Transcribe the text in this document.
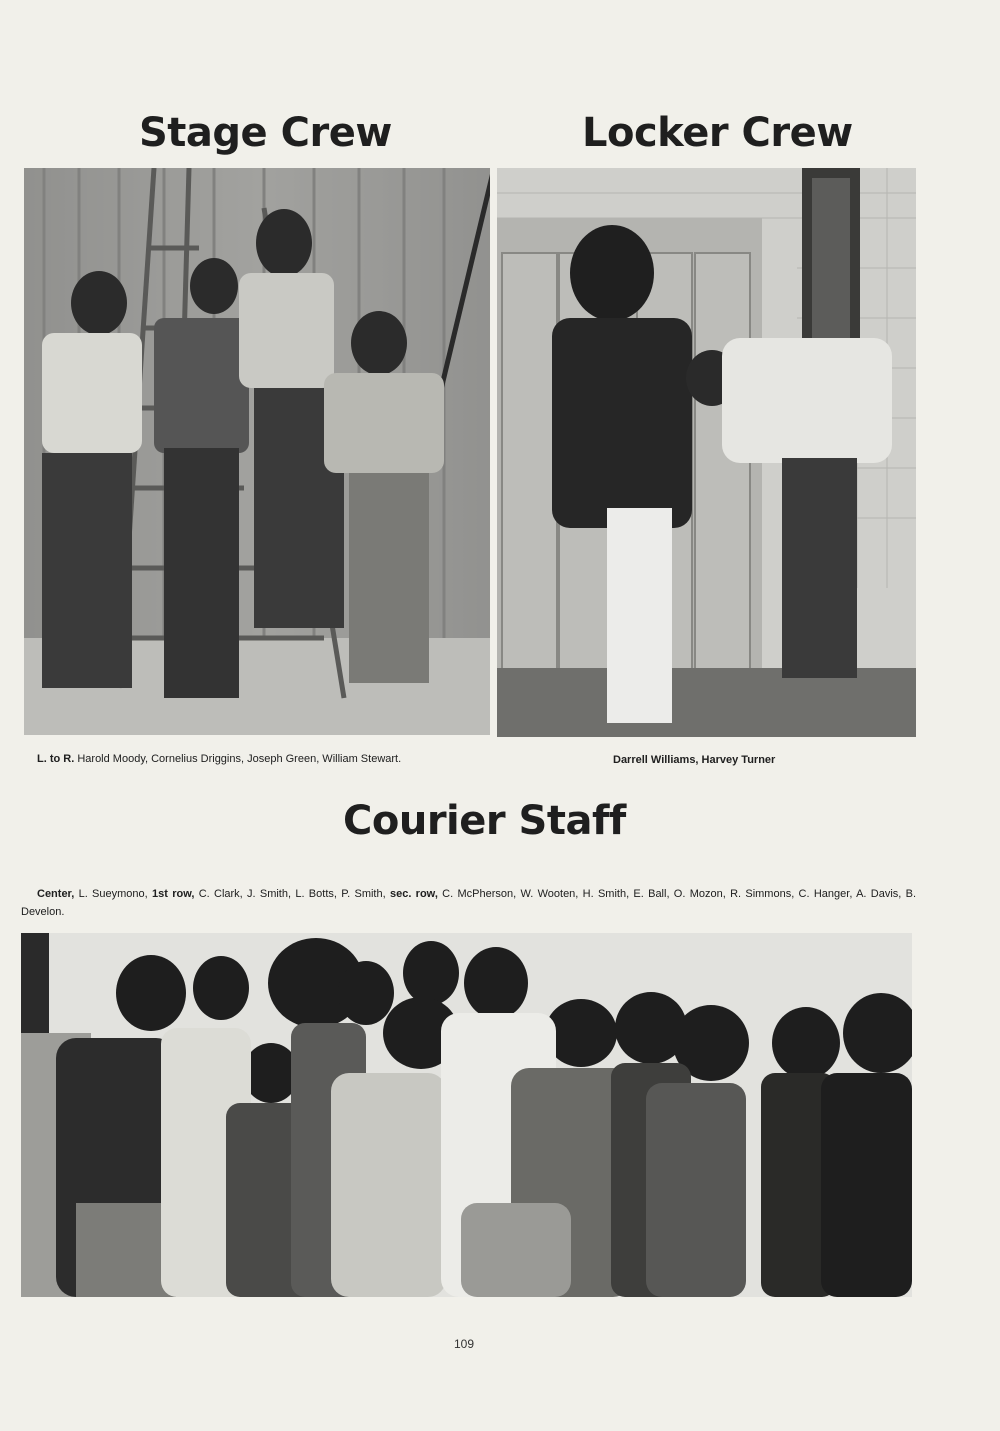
Stage Crew	Locker Crew
L. to R. Harold Moody, Cornelius Driggins, Joseph Green, William Stewart.	Darrell Williams, Harvey Turner
Courier Staff
Center, L. Sueymono, 1st row, C. Clark, J. Smith, L. Botts, P. Smith, sec. row, C. McPherson, W. Wooten, H. Smith, E. Ball, O. Mozon, R. Simmons, C. Hanger, A. Davis, B. Develon.
109
